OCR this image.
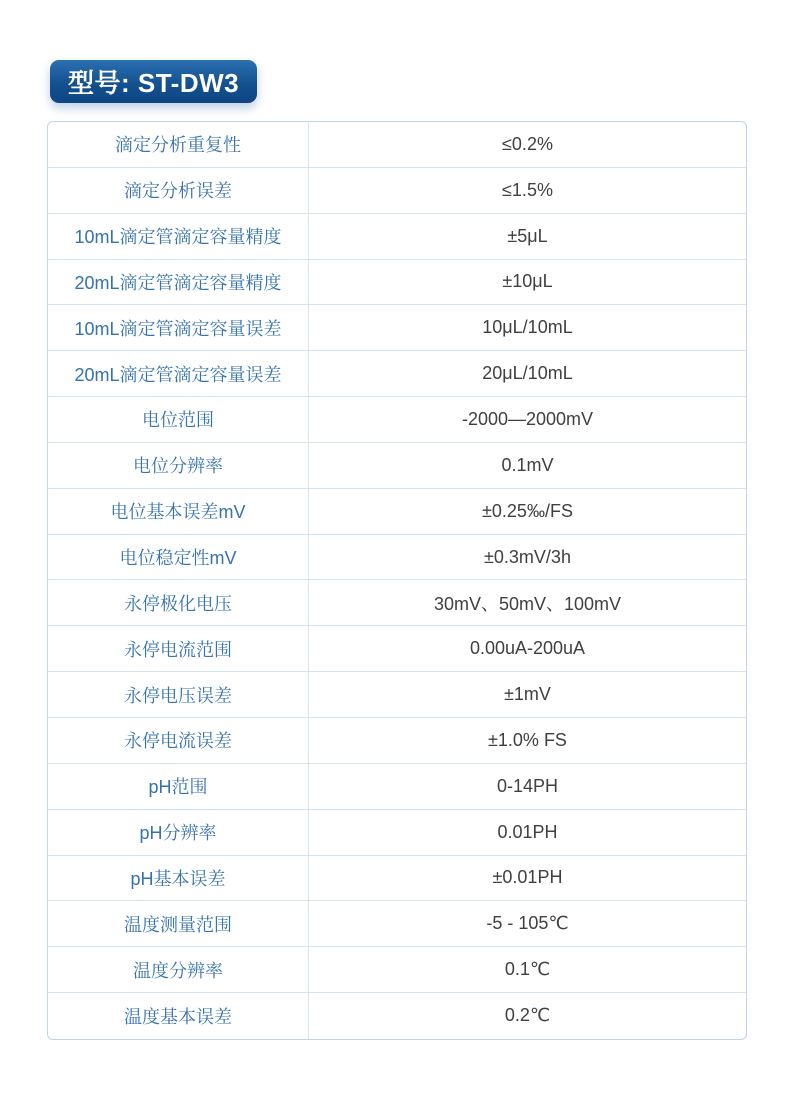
型号: ST-DW3
滴定分析重复性	≤0.2%
滴定分析误差	≤1.5%
10mL滴定管滴定容量精度	±5μL
20mL滴定管滴定容量精度	±10μL
10mL滴定管滴定容量误差	10μL/10mL
20mL滴定管滴定容量误差	20μL/10mL
电位范围	-2000—2000mV
电位分辨率	0.1mV
电位基本误差mV	±0.25‰/FS
电位稳定性mV	±0.3mV/3h
永停极化电压	30mV、50mV、100mV
永停电流范围	0.00uA-200uA
永停电压误差	±1mV
永停电流误差	±1.0% FS
pH范围	0-14PH
pH分辨率	0.01PH
pH基本误差	±0.01PH
温度测量范围	-5 - 105℃
温度分辨率	0.1℃
温度基本误差	0.2℃
